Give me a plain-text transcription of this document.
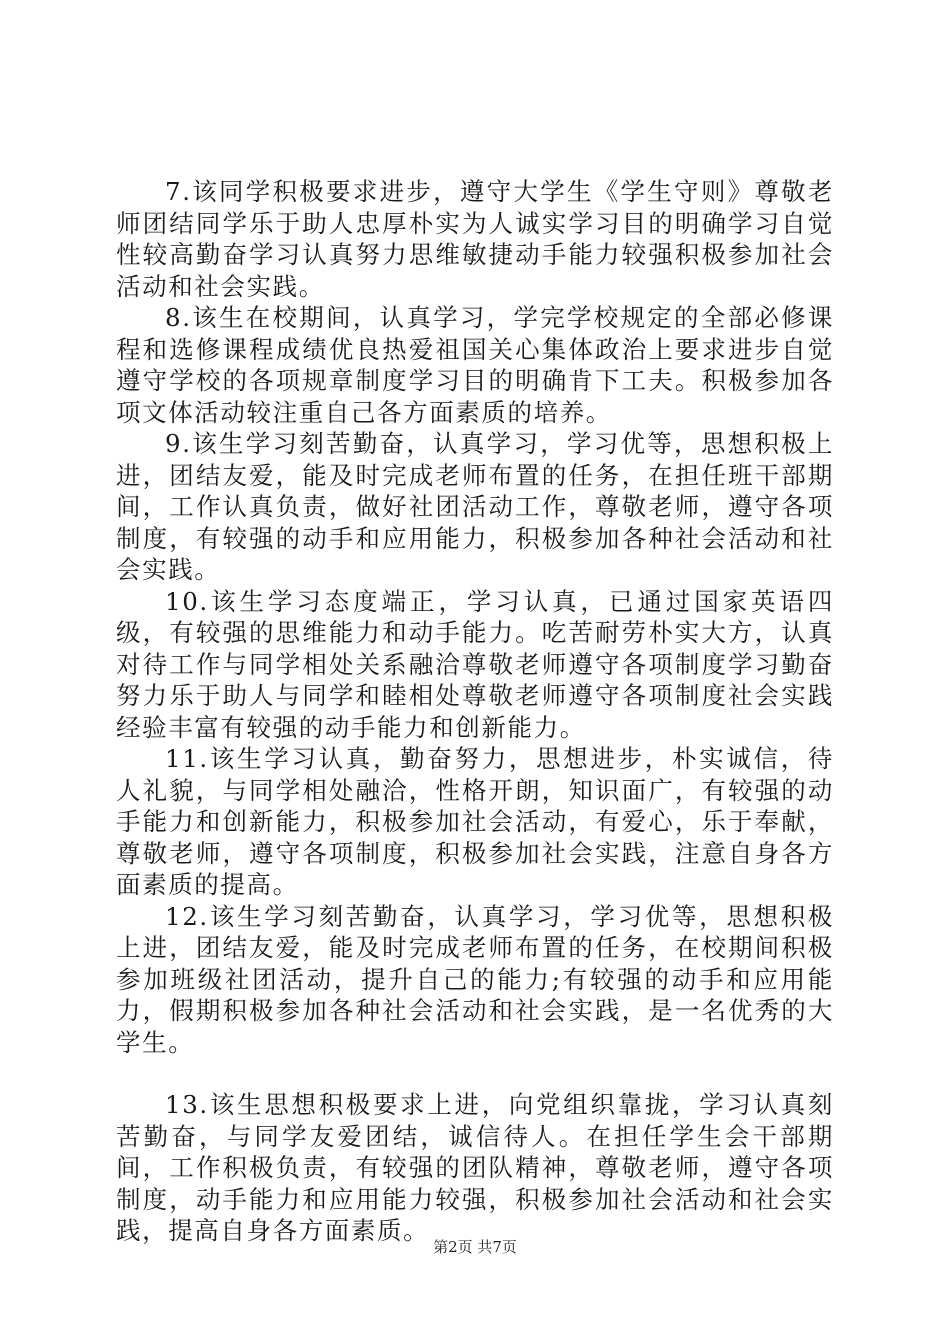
7.该同学积极要求进步，遵守大学生《学生守则》尊敬老师团结同学乐于助人忠厚朴实为人诚实学习目的明确学习自觉性较高勤奋学习认真努力思维敏捷动手能力较强积极参加社会活动和社会实践。

8.该生在校期间，认真学习，学完学校规定的全部必修课程和选修课程成绩优良热爱祖国关心集体政治上要求进步自觉遵守学校的各项规章制度学习目的明确肯下工夫。积极参加各项文体活动较注重自己各方面素质的培养。

9.该生学习刻苦勤奋，认真学习，学习优等，思想积极上进，团结友爱，能及时完成老师布置的任务，在担任班干部期间，工作认真负责，做好社团活动工作，尊敬老师，遵守各项制度，有较强的动手和应用能力，积极参加各种社会活动和社会实践。

10.该生学习态度端正，学习认真，已通过国家英语四级，有较强的思维能力和动手能力。吃苦耐劳朴实大方，认真对待工作与同学相处关系融洽尊敬老师遵守各项制度学习勤奋努力乐于助人与同学和睦相处尊敬老师遵守各项制度社会实践经验丰富有较强的动手能力和创新能力。

11.该生学习认真，勤奋努力，思想进步，朴实诚信，待人礼貌，与同学相处融洽，性格开朗，知识面广，有较强的动手能力和创新能力，积极参加社会活动，有爱心，乐于奉献，尊敬老师，遵守各项制度，积极参加社会实践，注意自身各方面素质的提高。

12.该生学习刻苦勤奋，认真学习，学习优等，思想积极上进，团结友爱，能及时完成老师布置的任务，在校期间积极参加班级社团活动，提升自己的能力;有较强的动手和应用能力，假期积极参加各种社会活动和社会实践，是一名优秀的大学生。

13.该生思想积极要求上进，向党组织靠拢，学习认真刻苦勤奋，与同学友爱团结，诚信待人。在担任学生会干部期间，工作积极负责，有较强的团队精神，尊敬老师，遵守各项制度，动手能力和应用能力较强，积极参加社会活动和社会实践，提高自身各方面素质。

第2页 共7页
